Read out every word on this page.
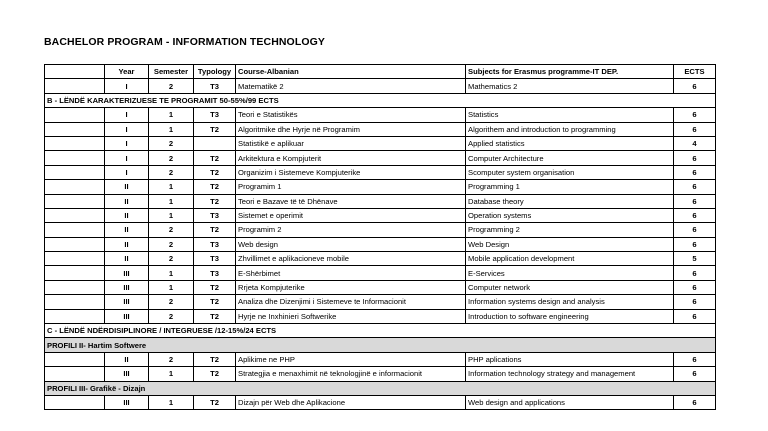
BACHELOR PROGRAM - INFORMATION TECHNOLOGY
	Year	Semester	Typology	Course-Albanian	Subjects for Erasmus programme-IT DEP.	ECTS
	I	2	T3	Matematikë 2	Mathematics 2	6
B - LËNDË KARAKTERIZUESE TE PROGRAMIT 50-55%/99 ECTS						
	I	1	T3	Teori e Statistikës	Statistics	6
	I	1	T2	Algoritmike dhe Hyrje në Programim	Algorithem and introduction to programming	6
	I	2		Statistikë e aplikuar	Applied statistics	4
	I	2	T2	Arkitektura e Kompjuterit	Computer Architecture	6
	I	2	T2	Organizim i Sistemeve Kompjuterike	Scomputer system organisation	6
	II	1	T2	Programim 1	Programming 1	6
	II	1	T2	Teori e Bazave të të Dhënave	Database theory	6
	II	1	T3	Sistemet e operimit	Operation systems	6
	II	2	T2	Programim 2	Programming 2	6
	II	2	T3	Web design	Web Design	6
	II	2	T3	Zhvillimet e aplikacioneve mobile	Mobile application development	5
	III	1	T3	E-Shërbimet	E-Services	6
	III	1	T2	Rrjeta Kompjuterike	Computer network	6
	III	2	T2	Analiza dhe Dizenjimi i Sistemeve te Informacionit	Information systems design and analysis	6
	III	2	T2	Hyrje ne Inxhinieri Softwerike	Introduction to software engineering	6
C - LËNDË NDËRDISIPLINORE / INTEGRUESE /12-15%/24 ECTS						
PROFILI II- Hartim Softwere						
	II	2	T2	Aplikime ne PHP	PHP aplications	6
	III	1	T2	Strategjia e menaxhimit në teknologjinë e informacionit	Information technology strategy and management	6
PROFILI III- Grafikë - Dizajn						
	III	1	T2	Dizajn për Web dhe Aplikacione	Web design and applications	6
